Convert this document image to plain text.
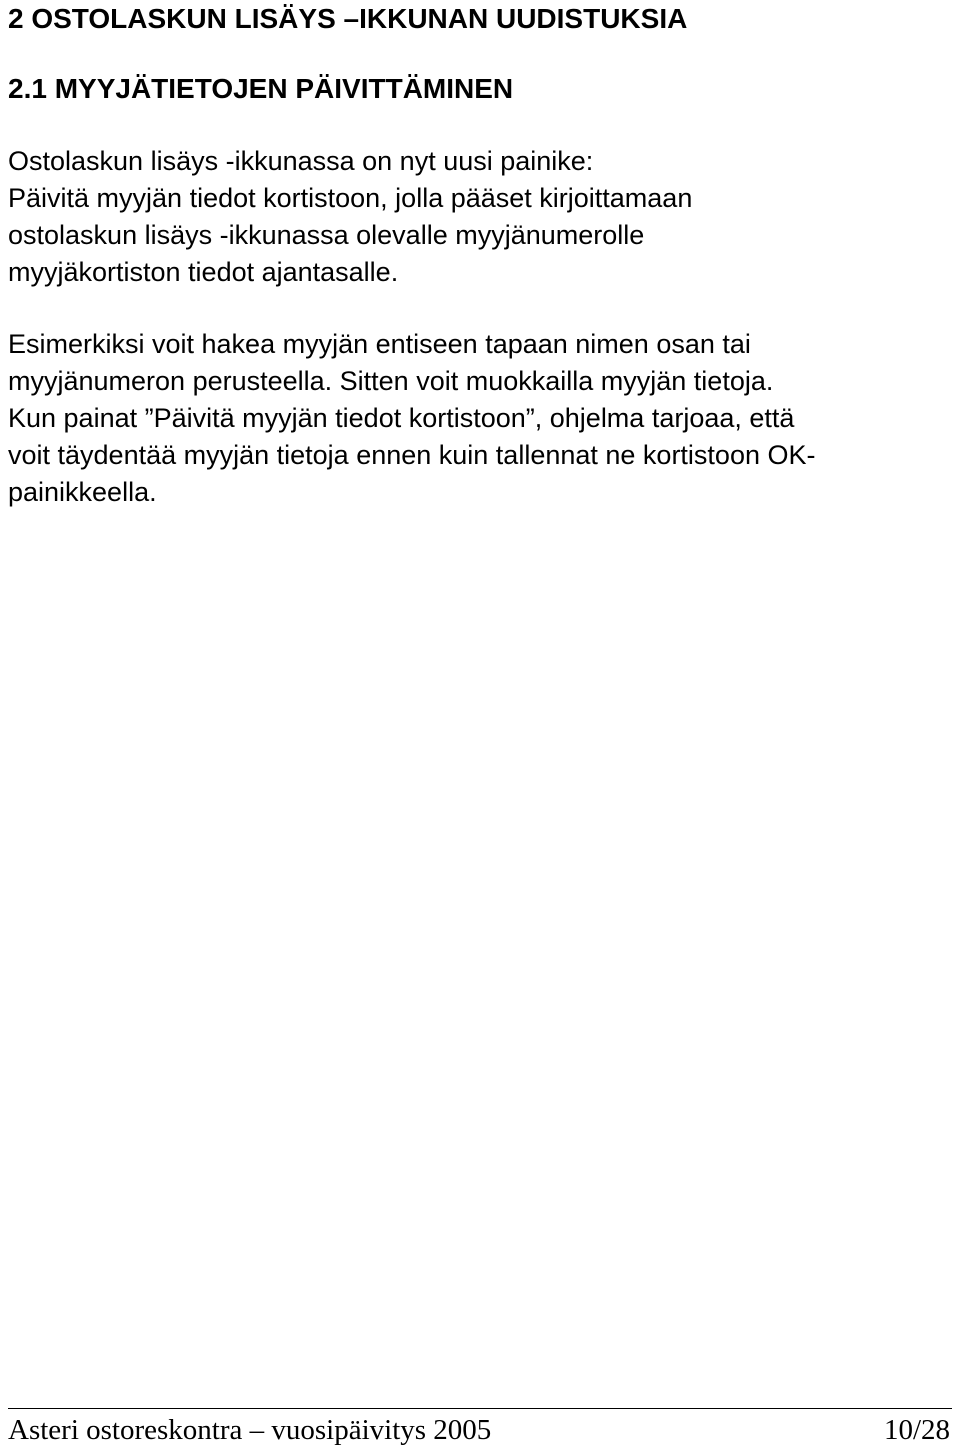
2 OSTOLASKUN LISÄYS –IKKUNAN UUDISTUKSIA
2.1 MYYJÄTIETOJEN PÄIVITTÄMINEN
Ostolaskun lisäys -ikkunassa on nyt uusi painike:
Päivitä myyjän tiedot kortistoon, jolla pääset kirjoittamaan
ostolaskun lisäys -ikkunassa olevalle myyjänumerolle
myyjäkortiston tiedot ajantasalle.
Esimerkiksi voit hakea myyjän entiseen tapaan nimen osan tai
myyjänumeron perusteella. Sitten voit muokkailla myyjän tietoja.
Kun painat ”Päivitä myyjän tiedot kortistoon”, ohjelma tarjoaa, että
voit täydentää myyjän tietoja ennen kuin tallennat ne kortistoon OK-
painikkeella.
Asteri ostoreskontra – vuosipäivitys 2005	10/28
